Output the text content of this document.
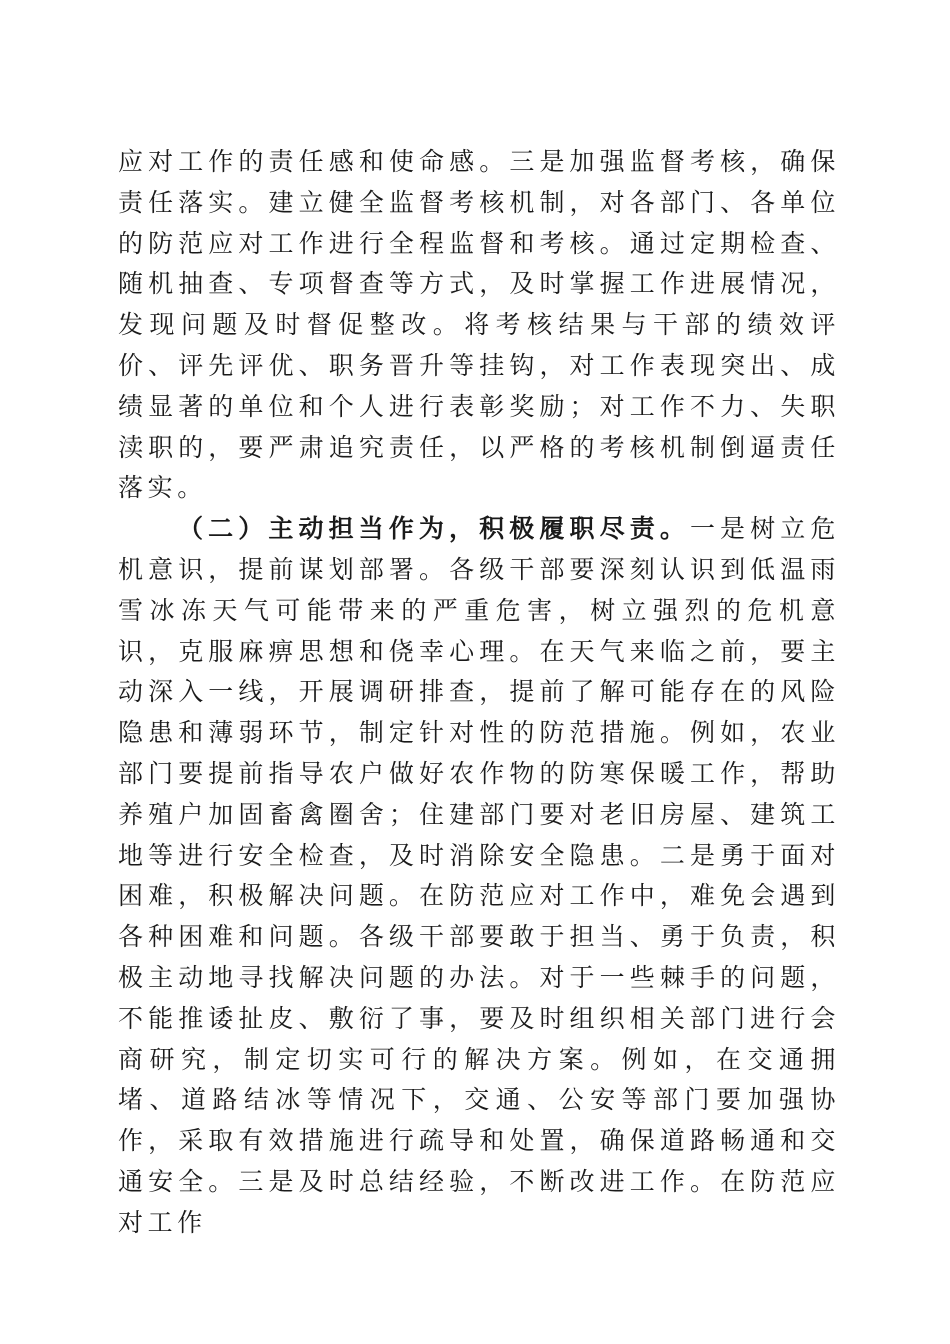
应对工作的责任感和使命感。三是加强监督考核，确保责任落实。建立健全监督考核机制，对各部门、各单位的防范应对工作进行全程监督和考核。通过定期检查、随机抽查、专项督查等方式，及时掌握工作进展情况，发现问题及时督促整改。将考核结果与干部的绩效评价、评先评优、职务晋升等挂钩，对工作表现突出、成绩显著的单位和个人进行表彰奖励；对工作不力、失职渎职的，要严肃追究责任，以严格的考核机制倒逼责任落实。

（二）主动担当作为，积极履职尽责。一是树立危机意识，提前谋划部署。各级干部要深刻认识到低温雨雪冰冻天气可能带来的严重危害，树立强烈的危机意识，克服麻痹思想和侥幸心理。在天气来临之前，要主动深入一线，开展调研排查，提前了解可能存在的风险隐患和薄弱环节，制定针对性的防范措施。例如，农业部门要提前指导农户做好农作物的防寒保暖工作，帮助养殖户加固畜禽圈舍；住建部门要对老旧房屋、建筑工地等进行安全检查，及时消除安全隐患。二是勇于面对困难，积极解决问题。在防范应对工作中，难免会遇到各种困难和问题。各级干部要敢于担当、勇于负责，积极主动地寻找解决问题的办法。对于一些棘手的问题，不能推诿扯皮、敷衍了事，要及时组织相关部门进行会商研究，制定切实可行的解决方案。例如，在交通拥堵、道路结冰等情况下，交通、公安等部门要加强协作，采取有效措施进行疏导和处置，确保道路畅通和交通安全。三是及时总结经验，不断改进工作。在防范应对工作
